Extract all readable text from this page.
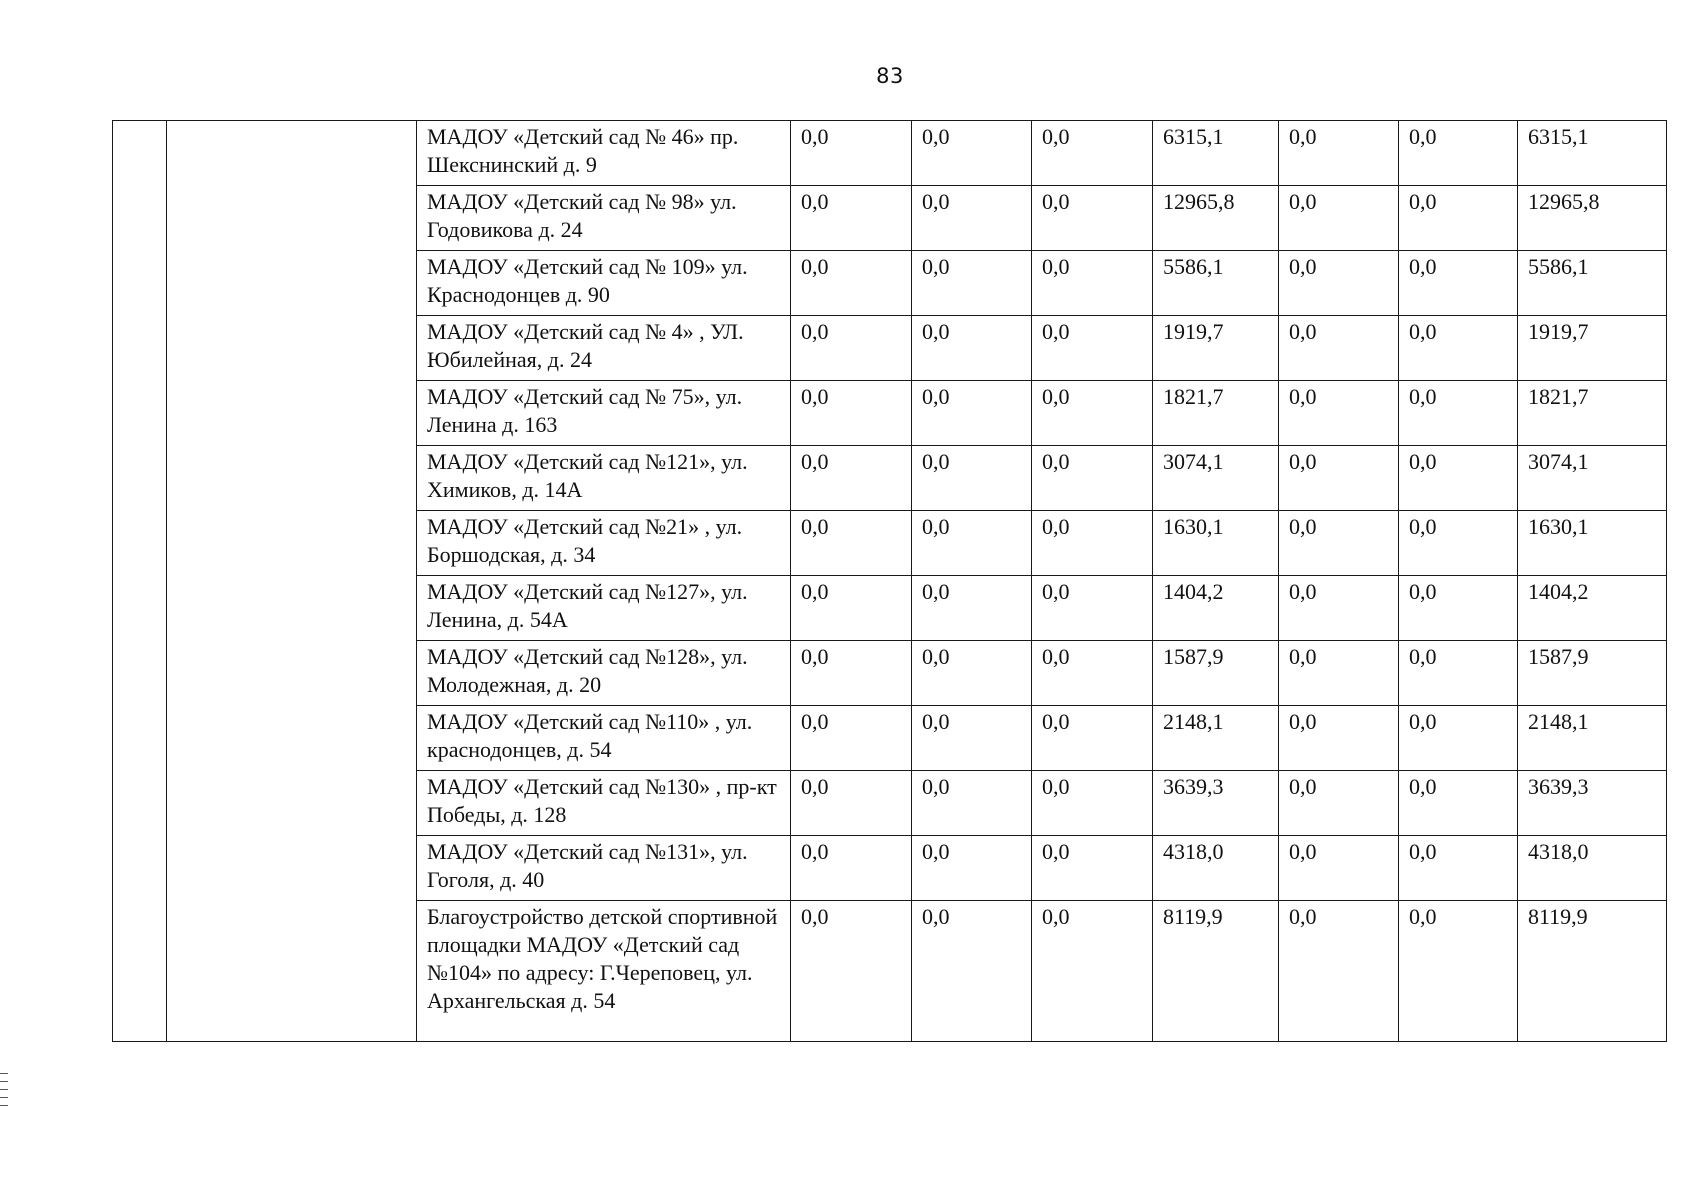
83
		МАДОУ «Детский сад № 46» пр. Шекснинский д. 9	0,0	0,0	0,0	6315,1	0,0	0,0	6315,1
		МАДОУ «Детский сад № 98» ул. Годовикова д. 24	0,0	0,0	0,0	12965,8	0,0	0,0	12965,8
		МАДОУ «Детский сад № 109» ул. Краснодонцев д. 90	0,0	0,0	0,0	5586,1	0,0	0,0	5586,1
		МАДОУ «Детский сад № 4» , УЛ. Юбилейная, д. 24	0,0	0,0	0,0	1919,7	0,0	0,0	1919,7
		МАДОУ «Детский сад № 75», ул. Ленина д. 163	0,0	0,0	0,0	1821,7	0,0	0,0	1821,7
		МАДОУ «Детский сад №121», ул. Химиков, д. 14А	0,0	0,0	0,0	3074,1	0,0	0,0	3074,1
		МАДОУ «Детский сад №21» , ул. Боршодская, д. 34	0,0	0,0	0,0	1630,1	0,0	0,0	1630,1
		МАДОУ «Детский сад №127», ул. Ленина, д. 54А	0,0	0,0	0,0	1404,2	0,0	0,0	1404,2
		МАДОУ «Детский сад №128», ул. Молодежная, д. 20	0,0	0,0	0,0	1587,9	0,0	0,0	1587,9
		МАДОУ «Детский сад №110» , ул. краснодонцев, д. 54	0,0	0,0	0,0	2148,1	0,0	0,0	2148,1
		МАДОУ «Детский сад №130» , пр-кт Победы, д. 128	0,0	0,0	0,0	3639,3	0,0	0,0	3639,3
		МАДОУ «Детский сад №131», ул. Гоголя, д. 40	0,0	0,0	0,0	4318,0	0,0	0,0	4318,0
		Благоустройство детской спортивной площадки МАДОУ «Детский сад №104» по адресу: Г.Череповец, ул. Архангельская д. 54	0,0	0,0	0,0	8119,9	0,0	0,0	8119,9
